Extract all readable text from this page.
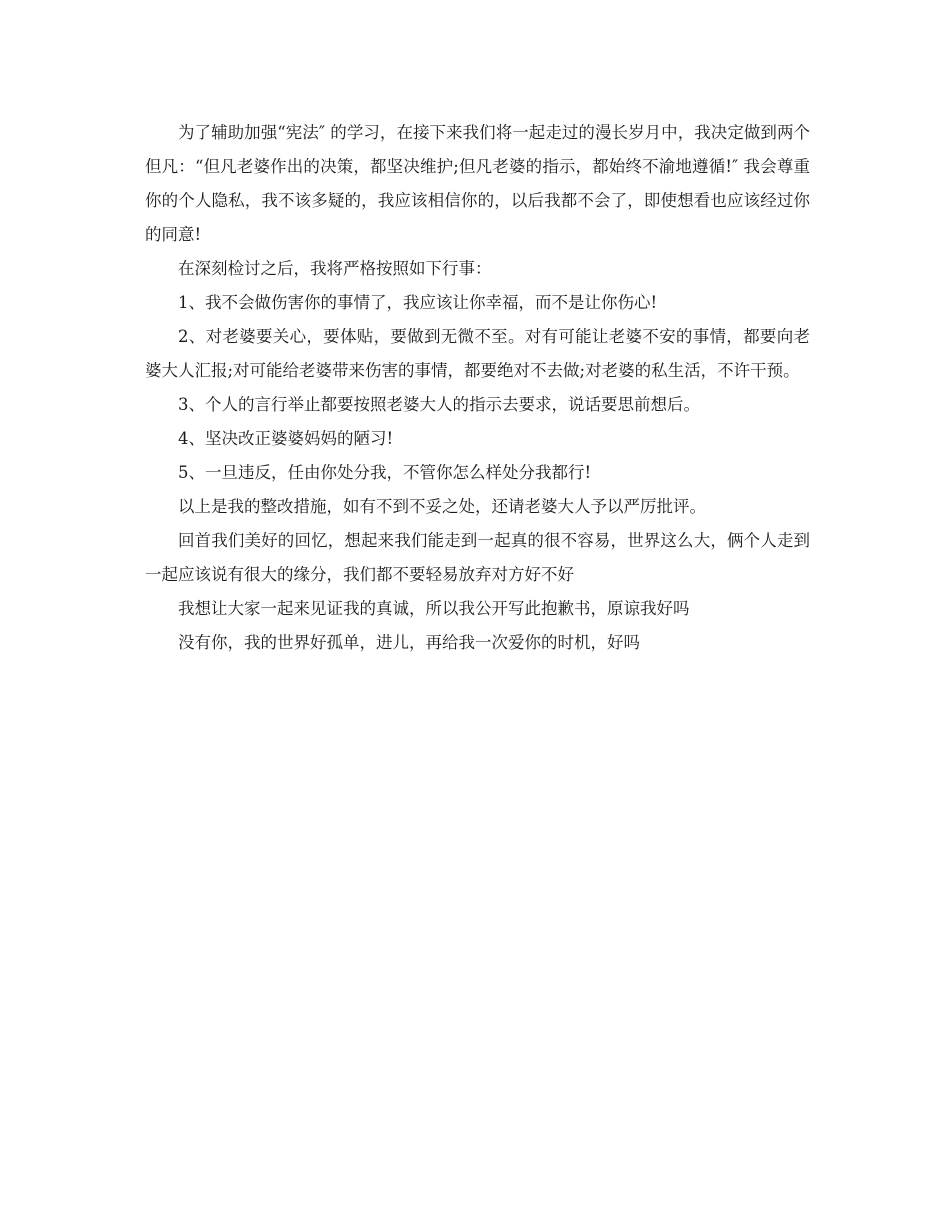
为了辅助加强“宪法″ 的学习，在接下来我们将一起走过的漫长岁月中，我决定做到两个但凡：“但凡老婆作出的决策，都坚决维护;但凡老婆的指示，都始终不渝地遵循!″ 我会尊重你的个人隐私，我不该多疑的，我应该相信你的，以后我都不会了，即使想看也应该经过你的同意!

在深刻检讨之后，我将严格按照如下行事：

1、我不会做伤害你的事情了，我应该让你幸福，而不是让你伤心!

2、对老婆要关心，要体贴，要做到无微不至。对有可能让老婆不安的事情，都要向老婆大人汇报;对可能给老婆带来伤害的事情，都要绝对不去做;对老婆的私生活，不许干预。

3、个人的言行举止都要按照老婆大人的指示去要求，说话要思前想后。

4、坚决改正婆婆妈妈的陋习!

5、一旦违反，任由你处分我，不管你怎么样处分我都行!

以上是我的整改措施，如有不到不妥之处，还请老婆大人予以严厉批评。

回首我们美好的回忆，想起来我们能走到一起真的很不容易，世界这么大，俩个人走到一起应该说有很大的缘分，我们都不要轻易放弃对方好不好

我想让大家一起来见证我的真诚，所以我公开写此抱歉书，原谅我好吗

没有你，我的世界好孤单，进儿，再给我一次爱你的时机，好吗
